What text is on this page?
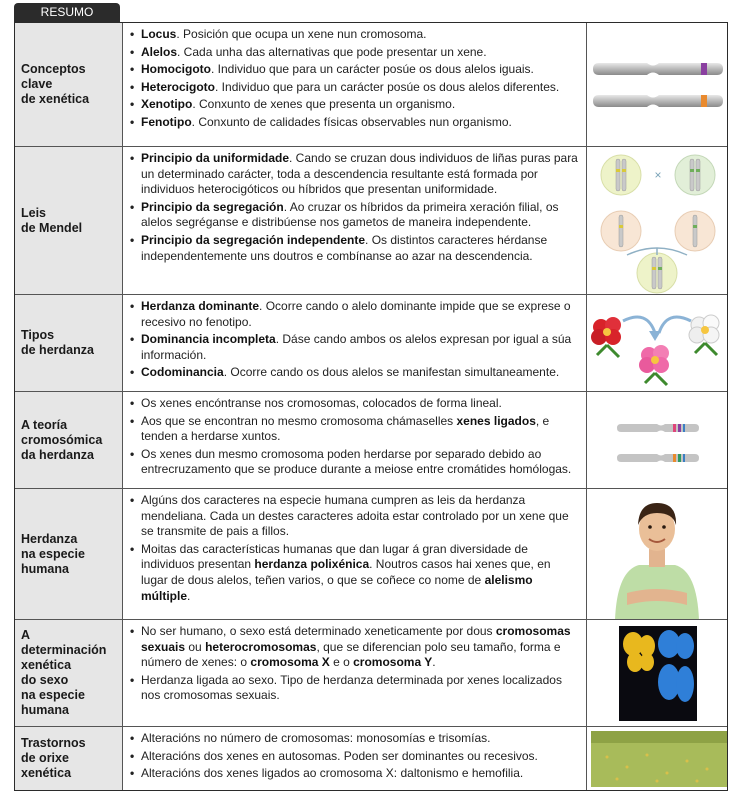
RESUMO
Conceptos
clave
de xenética
• Locus. Posición que ocupa un xene nun cromosoma.
• Alelos. Cada unha das alternativas que pode presentar un xene.
• Homocigoto. Individuo que para un carácter posúe os dous alelos iguais.
• Heterocigoto. Individuo que para un carácter posúe os dous alelos diferentes.
• Xenotipo. Conxunto de xenes que presenta un organismo.
• Fenotipo. Conxunto de calidades físicas observables nun organismo.
Leis
de Mendel
• Principio da uniformidade. Cando se cruzan dous individuos de liñas puras para un determinado carácter, toda a descendencia resultante está formada por individuos heterocigóticos ou híbridos que presentan uniformidade.
• Principio da segregación. Ao cruzar os híbridos da primeira xeración filial, os alelos segréganse e distribúense nos gametos de maneira independente.
• Principio da segregación independente. Os distintos caracteres hérdanse independentemente uns doutros e combínanse ao azar na descendencia.
×
Tipos
de herdanza
• Herdanza dominante. Ocorre cando o alelo dominante impide que se exprese o recesivo no fenotipo.
• Dominancia incompleta. Dáse cando ambos os alelos expresan por igual a súa información.
• Codominancia. Ocorre cando os dous alelos se manifestan simultaneamente.
A teoría
cromosómica
da herdanza
• Os xenes encóntranse nos cromosomas, colocados de forma lineal.
• Aos que se encontran no mesmo cromosoma chámaselles xenes ligados, e tenden a herdarse xuntos.
• Os xenes dun mesmo cromosoma poden herdarse por separado debido ao entrecruzamento que se produce durante a meiose entre cromátides homólogas.
Herdanza
na especie
humana
• Algúns dos caracteres na especie humana cumpren as leis da herdanza mendeliana. Cada un destes caracteres adoita estar controlado por un xene que se transmite de pais a fillos.
• Moitas das características humanas que dan lugar á gran diversidade de individuos presentan herdanza polixénica. Noutros casos hai xenes que, en lugar de dous alelos, teñen varios, o que se coñece co nome de alelismo múltiple.
A
determinación
xenética
do sexo
na especie
humana
• No ser humano, o sexo está determinado xeneticamente por dous cromosomas sexuais ou heterocromosomas, que se diferencian polo seu tamaño, forma e número de xenes: o cromosoma X e o cromosoma Y.
• Herdanza ligada ao sexo. Tipo de herdanza determinada por xenes localizados nos cromosomas sexuais.
Trastornos
de orixe
xenética
• Alteracións no número de cromosomas: monosomías e trisomías.
• Alteracións dos xenes en autosomas. Poden ser dominantes ou recesivos.
• Alteracións dos xenes ligados ao cromosoma X: daltonismo e hemofilia.
